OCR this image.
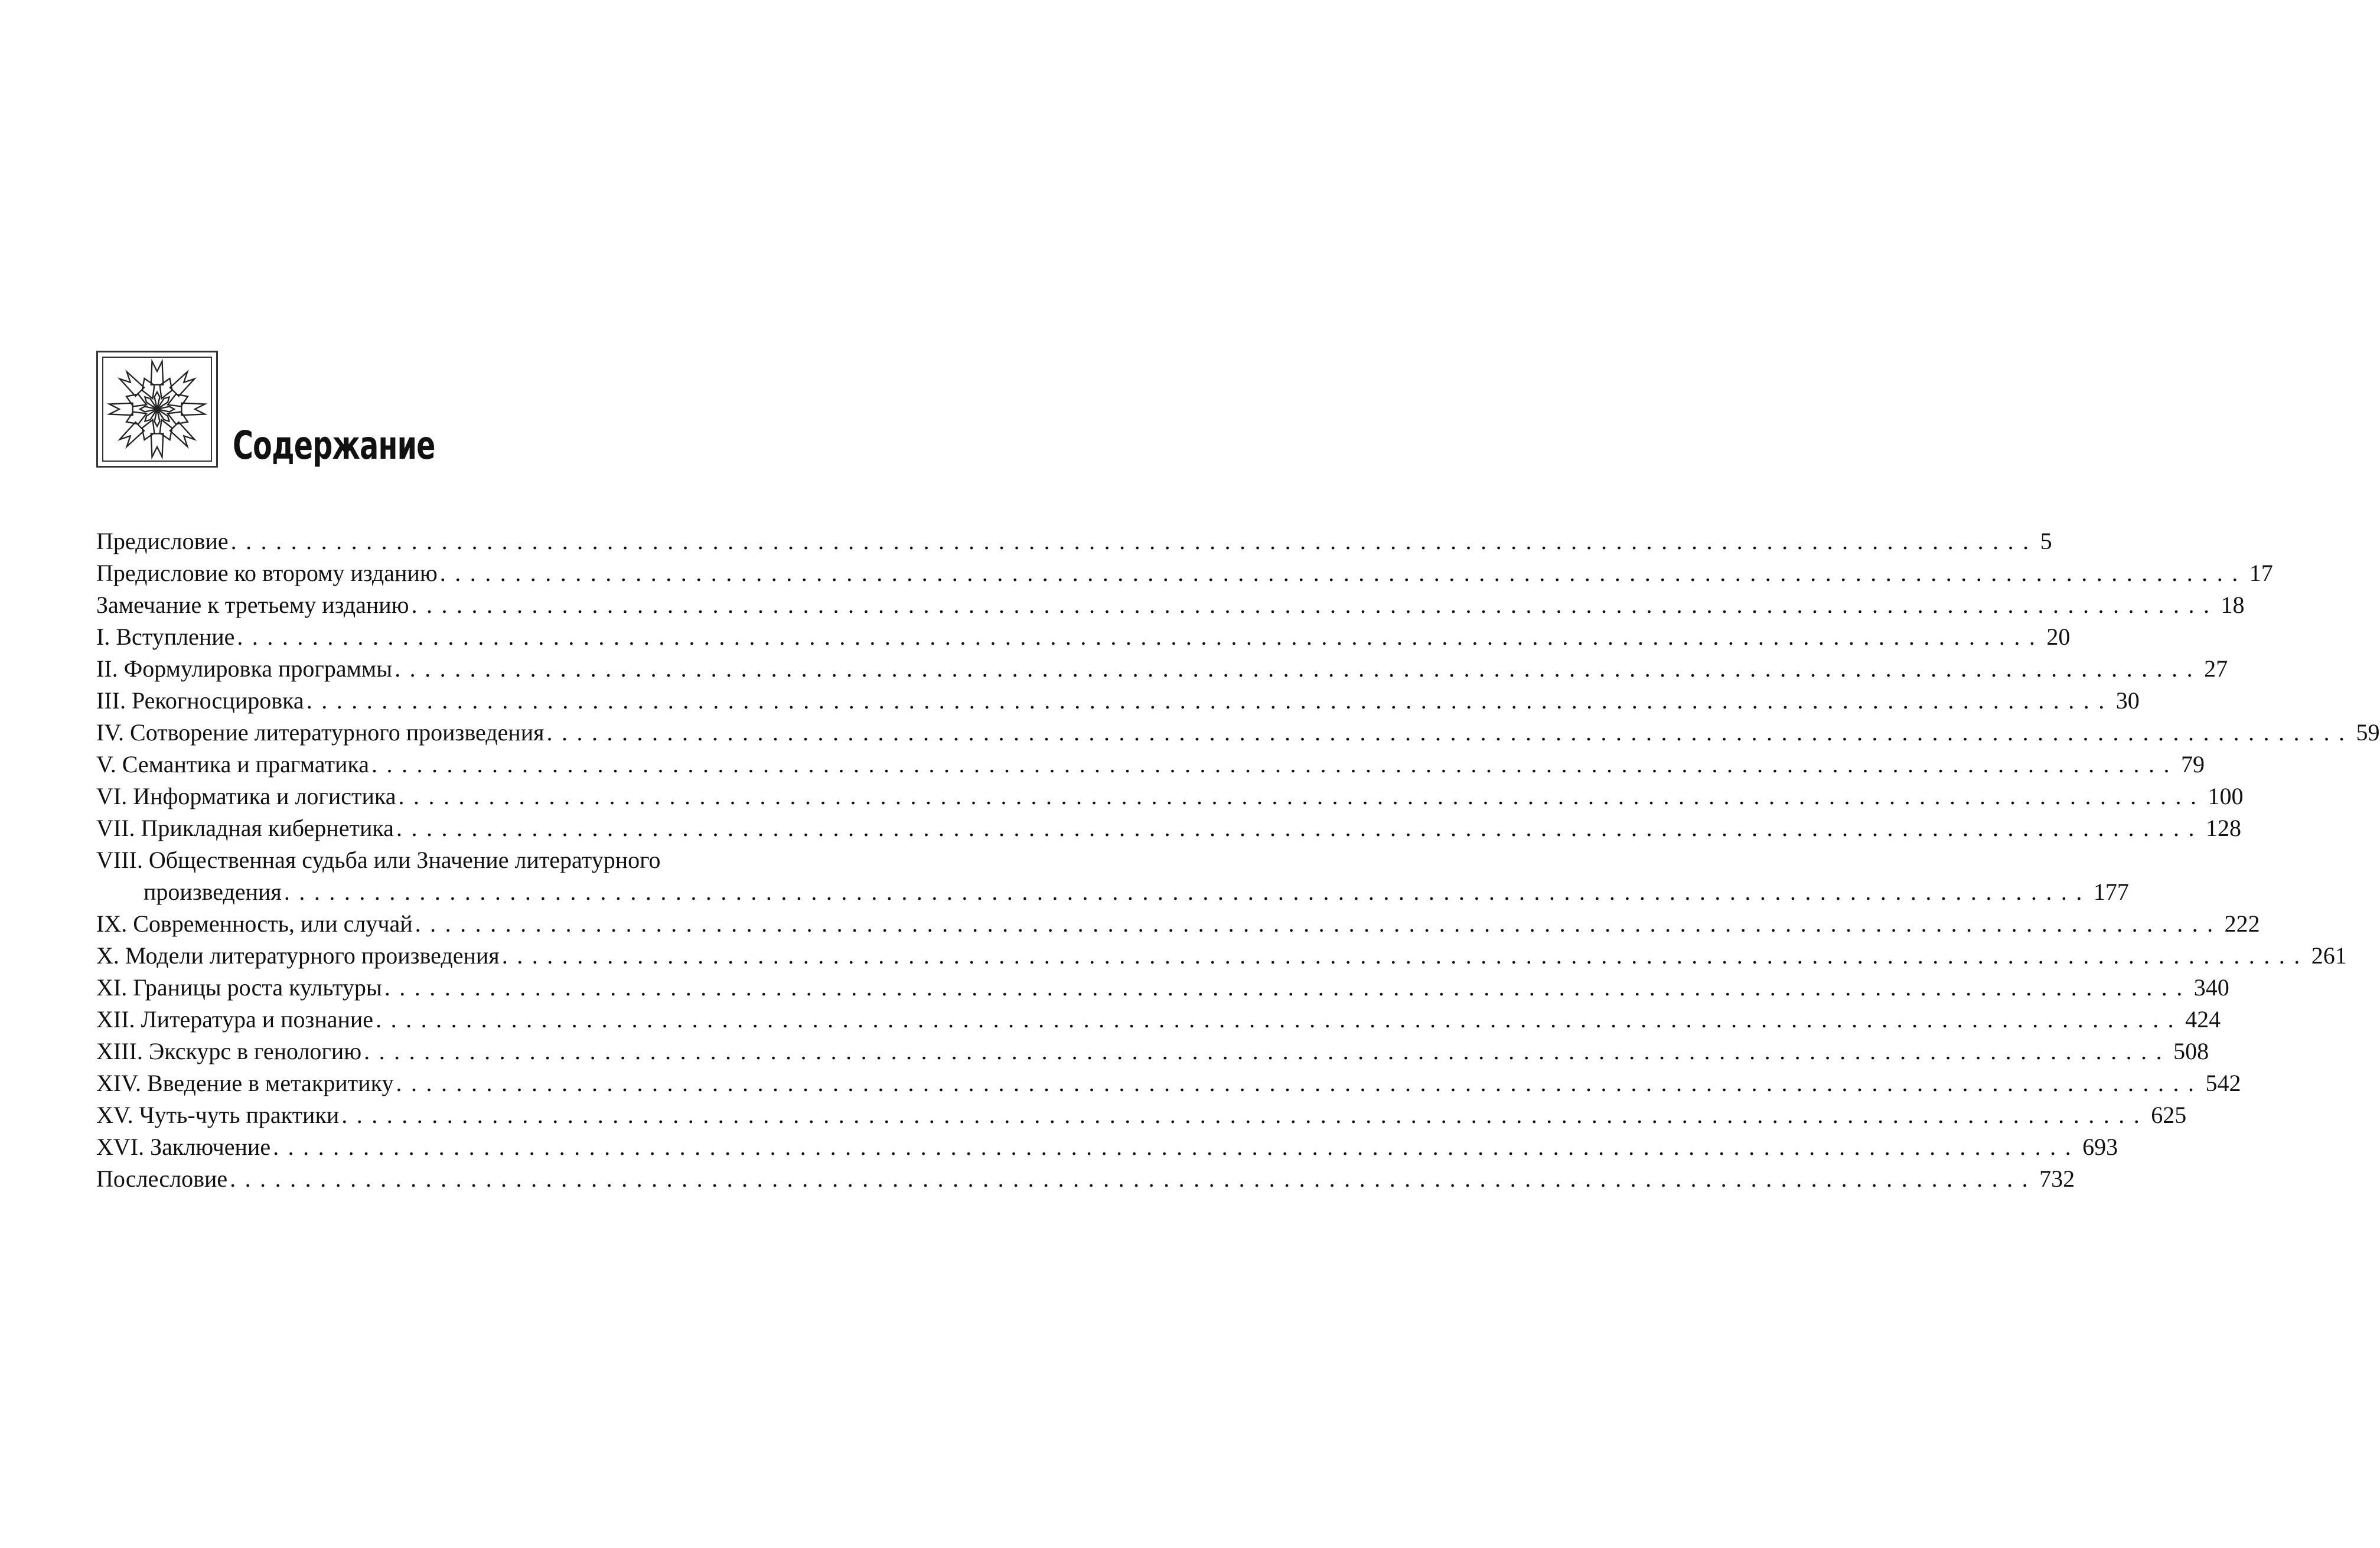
Содержание
Предисловие ........................................................................................................................ 5
Предисловие ко второму изданию ........................................................................................................................ 17
Замечание к третьему изданию ........................................................................................................................ 18
I. Вступление ........................................................................................................................ 20
II. Формулировка программы ........................................................................................................................ 27
III. Рекогносцировка ........................................................................................................................ 30
IV. Сотворение литературного произведения ........................................................................................................................ 59
V. Семантика и прагматика ........................................................................................................................ 79
VI. Информатика и логистика ........................................................................................................................ 100
VII. Прикладная кибернетика ........................................................................................................................ 128
VIII. Общественная судьба или Значение литературного
произведения ........................................................................................................................ 177
IX. Современность, или случай ........................................................................................................................ 222
X. Модели литературного произведения ........................................................................................................................ 261
XI. Границы роста культуры ........................................................................................................................ 340
XII. Литература и познание ........................................................................................................................ 424
XIII. Экскурс в генологию ........................................................................................................................ 508
XIV. Введение в метакритику ........................................................................................................................ 542
XV. Чуть-чуть практики ........................................................................................................................ 625
XVI. Заключение ........................................................................................................................ 693
Послесловие ........................................................................................................................ 732
